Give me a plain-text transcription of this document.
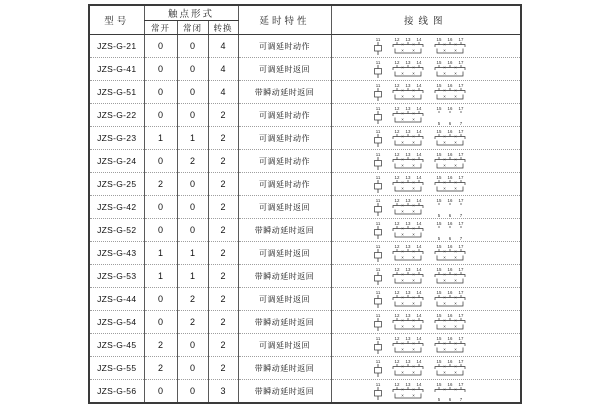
型号	触点形式			延时特性	接线图
	常开	常闭	转换		
JZS-G-21	0	0	4	可调延时动作	
11	12 13 14	15 16 17
× ×	× ×
× ×	× ×

JZS-G-41	0	0	4	可调延时返回	
11	12 13 14	15 16 17
× ×	× ×
× ×	× ×

JZS-G-51	0	0	4	带瞬动延时返回	
11	12 13 14	15 16 17
× ×	× ×
× ×	× ×

JZS-G-22	0	0	2	可调延时动作	
11	12 13 14	15 16 17
× ×
× ×
5 6 7

JZS-G-23	1	1	2	可调延时动作	
11	12 13 14	15 16 17
× ×	× ×
× ×	× ×

JZS-G-24	0	2	2	可调延时动作	
11	12 13 14	15 16 17
× ×	× ×
× ×	× ×

JZS-G-25	2	0	2	可调延时动作	
11	12 13 14	15 16 17
× ×	× ×
× ×	× ×

JZS-G-42	0	0	2	可调延时返回	
11	12 13 14	15 16 17
× ×
× ×
5 6 7

JZS-G-52	0	0	2	带瞬动延时返回	
11	12 13 14	15 16 17
× ×
× ×
5 6 7

JZS-G-43	1	1	2	可调延时返回	
11	12 13 14	15 16 17
× ×	× ×
× ×	× ×

JZS-G-53	1	1	2	带瞬动延时返回	
11	12 13 14	15 16 17
× ×	× ×
× ×	× ×

JZS-G-44	0	2	2	可调延时返回	
11	12 13 14	15 16 17
× ×	× ×
× ×	× ×

JZS-G-54	0	2	2	带瞬动延时返回	
11	12 13 14	15 16 17
× ×	× ×
× ×	× ×

JZS-G-45	2	0	2	可调延时返回	
11	12 13 14	15 16 17
× ×	× ×
× ×	× ×

JZS-G-55	2	0	2	带瞬动延时返回	
11	12 13 14	15 16 17
× ×	× ×
× ×	× ×

JZS-G-56	0	0	3	带瞬动延时返回	
11	12 13 14	15 16 17
× ×	× ×
× ×
5 6 7
